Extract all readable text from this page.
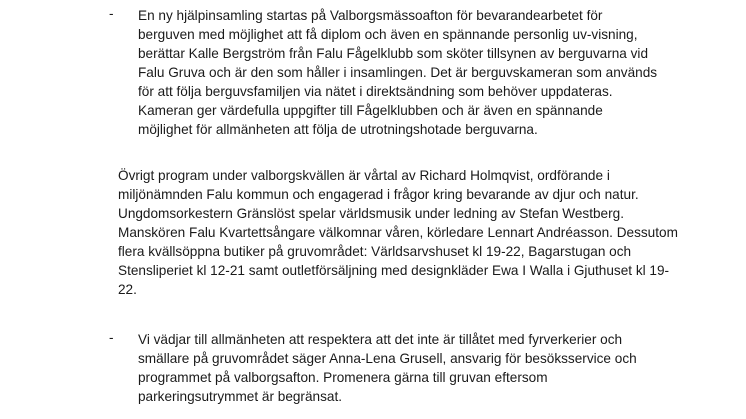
- En ny hjälpinsamling startas på Valborgsmässoafton för bevarandearbetet för
berguven med möjlighet att få diplom och även en spännande personlig uv-visning,
berättar Kalle Bergström från Falu Fågelklubb som sköter tillsynen av berguvarna vid
Falu Gruva och är den som håller i insamlingen. Det är berguvskameran som används
för att följa berguvsfamiljen via nätet i direktsändning som behöver uppdateras.
Kameran ger värdefulla uppgifter till Fågelklubben och är även en spännande
möjlighet för allmänheten att följa de utrotningshotade berguvarna.
Övrigt program under valborgskvällen är vårtal av Richard Holmqvist, ordförande i
miljönämnden Falu kommun och engagerad i frågor kring bevarande av djur och natur.
Ungdomsorkestern Gränslöst spelar världsmusik under ledning av Stefan Westberg.
Manskören Falu Kvartettsångare välkomnar våren, körledare Lennart Andréasson. Dessutom
flera kvällsöppna butiker på gruvområdet: Världsarvshuset kl 19-22, Bagarstugan och
Stensliperiet kl 12-21 samt outletförsäljning med designkläder Ewa I Walla i Gjuthuset kl 19-
22.
- Vi vädjar till allmänheten att respektera att det inte är tillåtet med fyrverkerier och
smällare på gruvområdet säger Anna-Lena Grusell, ansvarig för besöksservice och
programmet på valborgsafton. Promenera gärna till gruvan eftersom
parkeringsutrymmet är begränsat.
